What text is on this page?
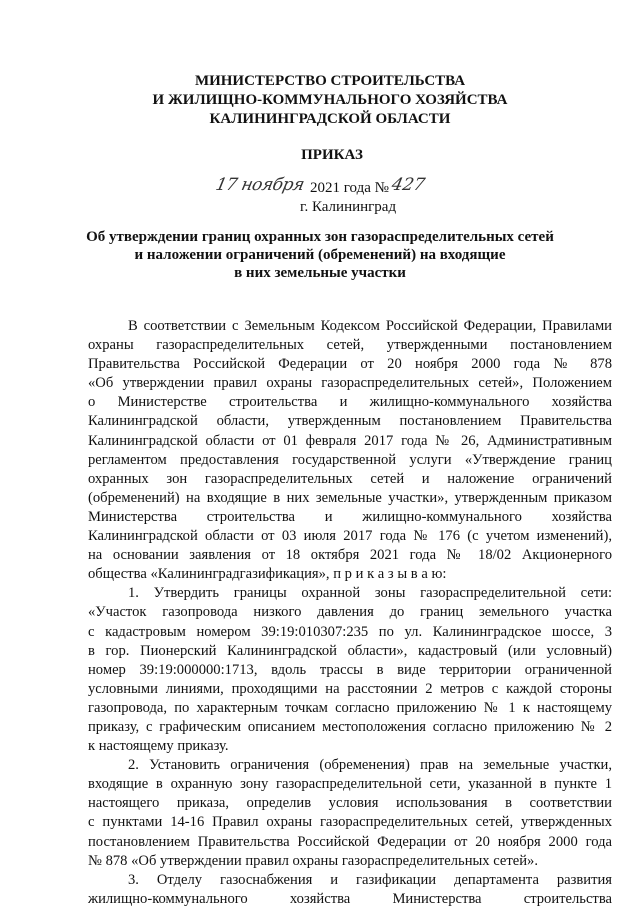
МИНИСТЕРСТВО СТРОИТЕЛЬСТВА
И ЖИЛИЩНО-КОММУНАЛЬНОГО ХОЗЯЙСТВА
КАЛИНИНГРАДСКОЙ ОБЛАСТИ
ПРИКАЗ
17 ноября 2021 года № 427
г. Калининград
Об утверждении границ охранных зон газораспределительных сетей
и наложении ограничений (обременений) на входящие
в них земельные участки
В соответствии с Земельным Кодексом Российской Федерации, Правилами
охраны газораспределительных сетей, утвержденными постановлением
Правительства Российской Федерации от 20 ноября 2000 года № 878
«Об утверждении правил охраны газораспределительных сетей», Положением
о Министерстве строительства и жилищно-коммунального хозяйства
Калининградской области, утвержденным постановлением Правительства
Калининградской области от 01 февраля 2017 года № 26, Административным
регламентом предоставления государственной услуги «Утверждение границ
охранных зон газораспределительных сетей и наложение ограничений
(обременений) на входящие в них земельные участки», утвержденным приказом
Министерства строительства и жилищно-коммунального хозяйства
Калининградской области от 03 июля 2017 года № 176 (с учетом изменений),
на основании заявления от 18 октября 2021 года № 18/02 Акционерного
общества «Калининградгазификация», п р и к а з ы в а ю:
1. Утвердить границы охранной зоны газораспределительной сети:
«Участок газопровода низкого давления до границ земельного участка
с кадастровым номером 39:19:010307:235 по ул. Калининградское шоссе, 3
в гор. Пионерский Калининградской области», кадастровый (или условный)
номер 39:19:000000:1713, вдоль трассы в виде территории ограниченной
условными линиями, проходящими на расстоянии 2 метров с каждой стороны
газопровода, по характерным точкам согласно приложению № 1 к настоящему
приказу, с графическим описанием местоположения согласно приложению № 2
к настоящему приказу.
2. Установить ограничения (обременения) прав на земельные участки,
входящие в охранную зону газораспределительной сети, указанной в пункте 1
настоящего приказа, определив условия использования в соответствии
с пунктами 14-16 Правил охраны газораспределительных сетей, утвержденных
постановлением Правительства Российской Федерации от 20 ноября 2000 года
№ 878 «Об утверждении правил охраны газораспределительных сетей».
3. Отделу газоснабжения и газификации департамента развития
жилищно-коммунального хозяйства Министерства строительства
